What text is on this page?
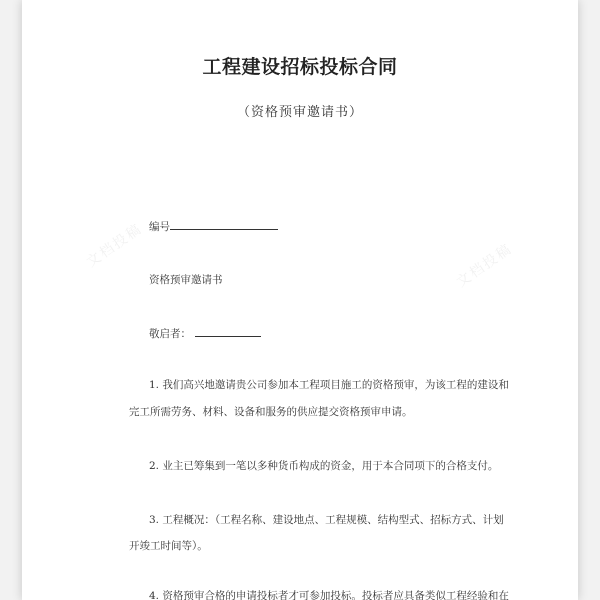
文档投稿	文档投稿
工程建设招标投标合同
（资格预审邀请书）
编号
资格预审邀请书
敬启者：
1. 我们高兴地邀请贵公司参加本工程项目施工的资格预审，为该工程的建设和
完工所需劳务、材料、设备和服务的供应提交资格预审申请。
2. 业主已筹集到一笔以多种货币构成的资金，用于本合同项下的合格支付。
3. 工程概况：（工程名称、建设地点、工程规模、结构型式、招标方式、计划
开竣工时间等）。
4. 资格预审合格的申请投标者才可参加投标。投标者应具备类似工程经验和在
